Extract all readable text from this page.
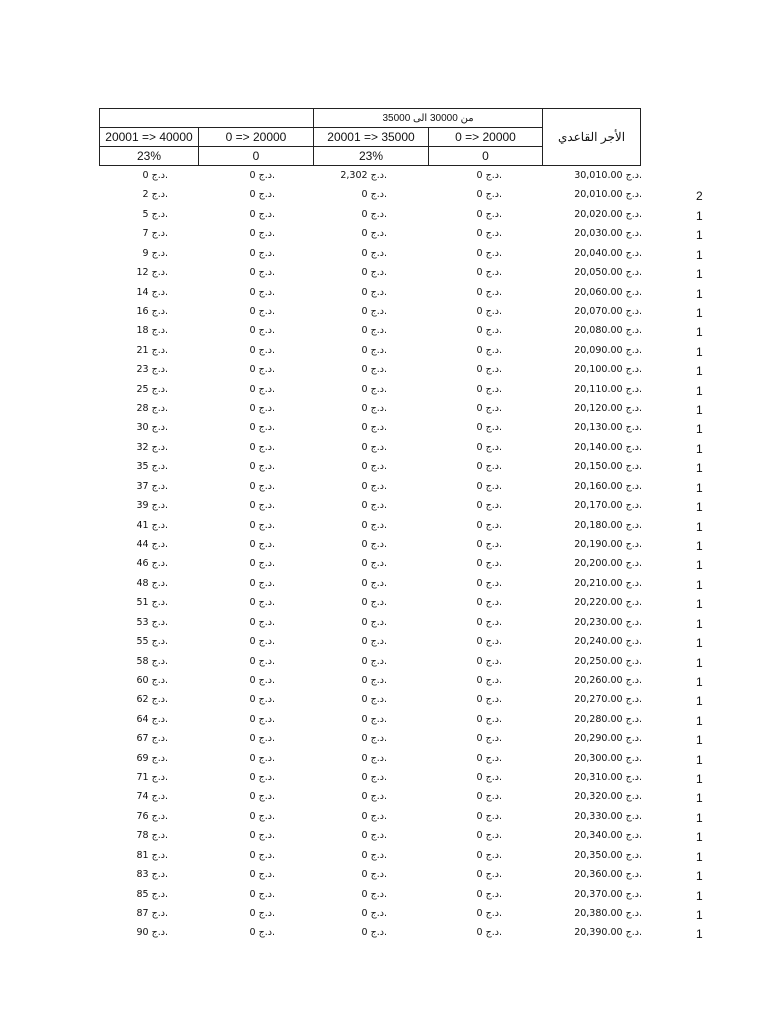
من 30000 الى 35000
الأجر القاعدي
20001 => 40000	0 => 20000	20001 => 35000	0 => 20000
23%	0	23%	0
0 د.ج.	0 د.ج.	2,302 د.ج.	0 د.ج.	30,010.00 د.ج.
2 د.ج.	0 د.ج.	0 د.ج.	0 د.ج.	20,010.00 د.ج.	2
5 د.ج.	0 د.ج.	0 د.ج.	0 د.ج.	20,020.00 د.ج.	1
7 د.ج.	0 د.ج.	0 د.ج.	0 د.ج.	20,030.00 د.ج.	1
9 د.ج.	0 د.ج.	0 د.ج.	0 د.ج.	20,040.00 د.ج.	1
12 د.ج.	0 د.ج.	0 د.ج.	0 د.ج.	20,050.00 د.ج.	1
14 د.ج.	0 د.ج.	0 د.ج.	0 د.ج.	20,060.00 د.ج.	1
16 د.ج.	0 د.ج.	0 د.ج.	0 د.ج.	20,070.00 د.ج.	1
18 د.ج.	0 د.ج.	0 د.ج.	0 د.ج.	20,080.00 د.ج.	1
21 د.ج.	0 د.ج.	0 د.ج.	0 د.ج.	20,090.00 د.ج.	1
23 د.ج.	0 د.ج.	0 د.ج.	0 د.ج.	20,100.00 د.ج.	1
25 د.ج.	0 د.ج.	0 د.ج.	0 د.ج.	20,110.00 د.ج.	1
28 د.ج.	0 د.ج.	0 د.ج.	0 د.ج.	20,120.00 د.ج.	1
30 د.ج.	0 د.ج.	0 د.ج.	0 د.ج.	20,130.00 د.ج.	1
32 د.ج.	0 د.ج.	0 د.ج.	0 د.ج.	20,140.00 د.ج.	1
35 د.ج.	0 د.ج.	0 د.ج.	0 د.ج.	20,150.00 د.ج.	1
37 د.ج.	0 د.ج.	0 د.ج.	0 د.ج.	20,160.00 د.ج.	1
39 د.ج.	0 د.ج.	0 د.ج.	0 د.ج.	20,170.00 د.ج.	1
41 د.ج.	0 د.ج.	0 د.ج.	0 د.ج.	20,180.00 د.ج.	1
44 د.ج.	0 د.ج.	0 د.ج.	0 د.ج.	20,190.00 د.ج.	1
46 د.ج.	0 د.ج.	0 د.ج.	0 د.ج.	20,200.00 د.ج.	1
48 د.ج.	0 د.ج.	0 د.ج.	0 د.ج.	20,210.00 د.ج.	1
51 د.ج.	0 د.ج.	0 د.ج.	0 د.ج.	20,220.00 د.ج.	1
53 د.ج.	0 د.ج.	0 د.ج.	0 د.ج.	20,230.00 د.ج.	1
55 د.ج.	0 د.ج.	0 د.ج.	0 د.ج.	20,240.00 د.ج.	1
58 د.ج.	0 د.ج.	0 د.ج.	0 د.ج.	20,250.00 د.ج.	1
60 د.ج.	0 د.ج.	0 د.ج.	0 د.ج.	20,260.00 د.ج.	1
62 د.ج.	0 د.ج.	0 د.ج.	0 د.ج.	20,270.00 د.ج.	1
64 د.ج.	0 د.ج.	0 د.ج.	0 د.ج.	20,280.00 د.ج.	1
67 د.ج.	0 د.ج.	0 د.ج.	0 د.ج.	20,290.00 د.ج.	1
69 د.ج.	0 د.ج.	0 د.ج.	0 د.ج.	20,300.00 د.ج.	1
71 د.ج.	0 د.ج.	0 د.ج.	0 د.ج.	20,310.00 د.ج.	1
74 د.ج.	0 د.ج.	0 د.ج.	0 د.ج.	20,320.00 د.ج.	1
76 د.ج.	0 د.ج.	0 د.ج.	0 د.ج.	20,330.00 د.ج.	1
78 د.ج.	0 د.ج.	0 د.ج.	0 د.ج.	20,340.00 د.ج.	1
81 د.ج.	0 د.ج.	0 د.ج.	0 د.ج.	20,350.00 د.ج.	1
83 د.ج.	0 د.ج.	0 د.ج.	0 د.ج.	20,360.00 د.ج.	1
85 د.ج.	0 د.ج.	0 د.ج.	0 د.ج.	20,370.00 د.ج.	1
87 د.ج.	0 د.ج.	0 د.ج.	0 د.ج.	20,380.00 د.ج.	1
90 د.ج.	0 د.ج.	0 د.ج.	0 د.ج.	20,390.00 د.ج.	1
